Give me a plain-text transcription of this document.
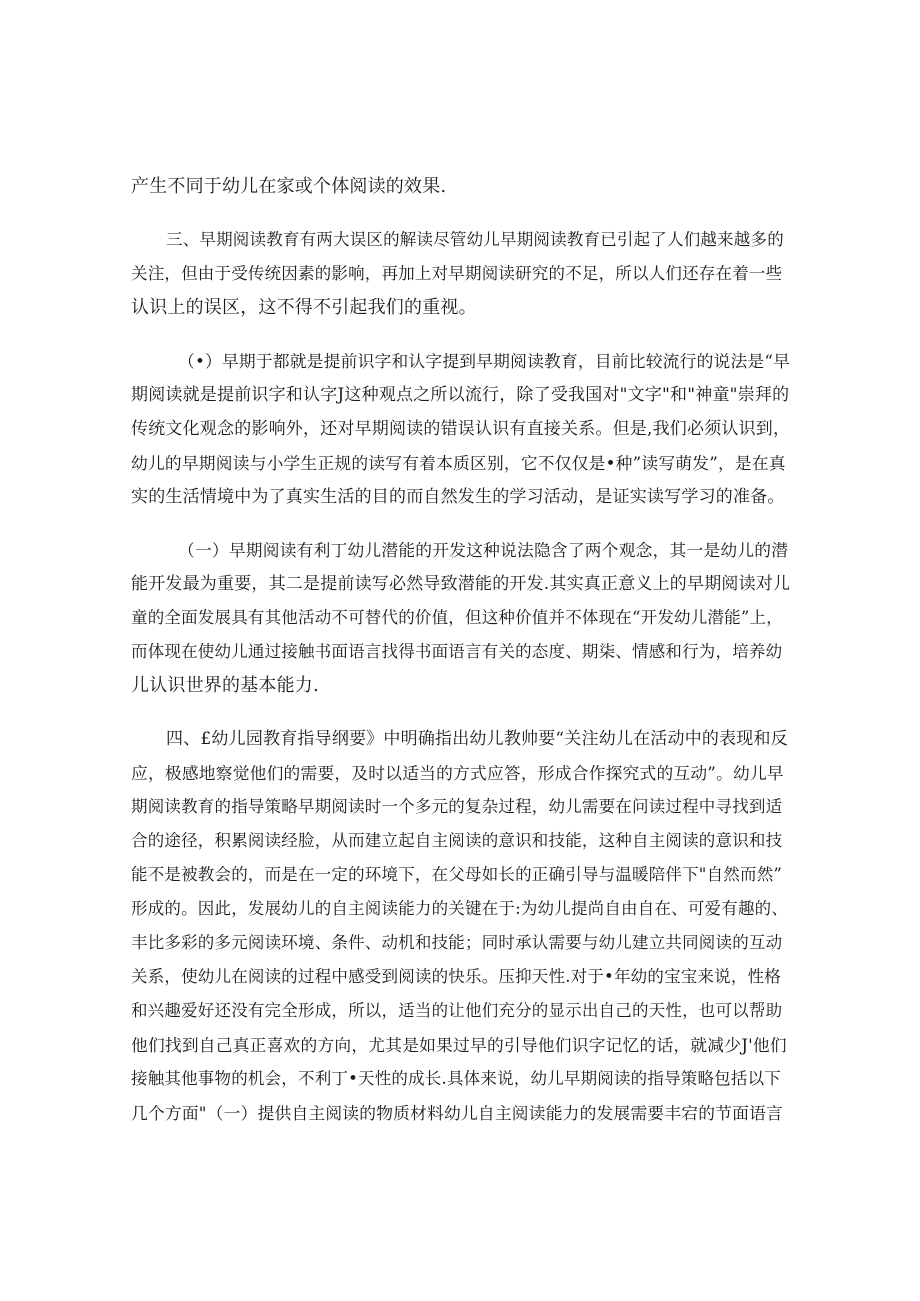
产生不同于幼儿在家或个体阅读的效果.
三、早期阅读教育有两大误区的解读尽管幼儿早期阅读教育已引起了人们越来越多的
关注，但由于受传统因素的影响，再加上对早期阅读研究的不足，所以人们还存在着一些
认识上的误区，这不得不引起我们的重视。
（•）早期于都就是提前识字和认字提到早期阅读教育，目前比较流行的说法是“早
期阅读就是提前识字和认字J这种观点之所以流行，除了受我国对"文字"和"神童"崇拜的
传统文化观念的影响外，还对早期阅读的错误认识有直接关系。但是,我们必须认识到，
幼儿的早期阅读与小学生正规的读写有着本质区别，它不仅仅是•种”读写萌发”，是在真
实的生活情境中为了真实生活的目的而自然发生的学习活动，是证实读写学习的准备。
（一）早期阅读有利丁幼儿潜能的开发这种说法隐含了两个观念，其一是幼儿的潜
能开发最为重要，其二是提前读写必然导致潜能的开发.其实真正意义上的早期阅读对儿
童的全面发展具有其他活动不可替代的价值，但这种价值并不体现在“开发幼儿潜能”上，
而体现在使幼儿通过接触书面语言找得书面语言有关的态度、期柒、情感和行为，培养幼
儿认识世界的基本能力.
四、£幼儿园教育指导纲要》中明确指出幼儿教帅要“关注幼儿在活动中的表现和反
应，极感地察觉他们的需要，及时以适当的方式应答，形成合作探究式的互动”。幼儿早
期阅读教育的指导策略早期阅读时一个多元的复杂过程，幼儿需要在问读过程中寻找到适
合的途径，积累阅读经脸，从而建立起自主阅读的意识和技能，这种自主阅读的意识和技
能不是被教会的，而是在一定的环境下，在父母如长的正确引导与温暖陪伴下"自然而然”
形成的。因此，发展幼儿的自主阅读能力的关键在于:为幼儿提尚自由自在、可爱有趣的、
丰比多彩的多元阅读环境、条件、动机和技能；同时承认需要与幼儿建立共同阅读的互动
关系，使幼儿在阅读的过程中感受到阅读的快乐。压抑天性.对于•年幼的宝宝来说，性格
和兴趣爱好还没有完全形成，所以，适当的让他们充分的显示出自己的天性，也可以帮助
他们找到自己真正喜欢的方向，尤其是如果过早的引导他们识字记忆的话，就减少J'他们
接触其他事物的机会，不利丁•天性的成长.具体来说，幼儿早期阅读的指导策略包括以下
几个方面"（一）提供自主阅读的物质材料幼儿自主阅读能力的发展需要丰宕的节面语言
